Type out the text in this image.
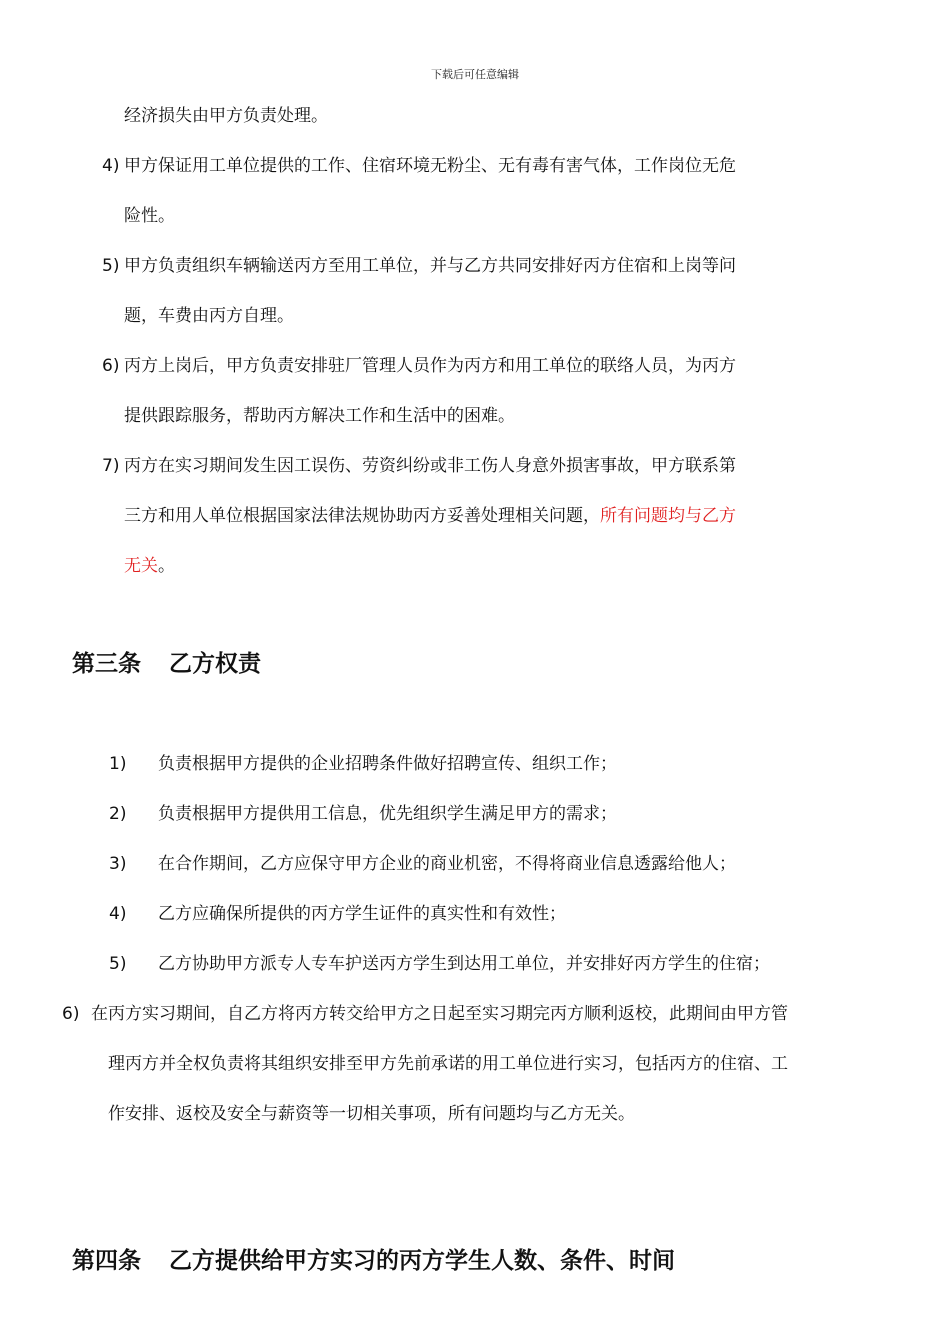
下载后可任意编辑
经济损失由甲方负责处理。
4) 甲方保证用工单位提供的工作、住宿环境无粉尘、无有毒有害气体，工作岗位无危
险性。
5) 甲方负责组织车辆输送丙方至用工单位，并与乙方共同安排好丙方住宿和上岗等问
题，车费由丙方自理。
6) 丙方上岗后，甲方负责安排驻厂管理人员作为丙方和用工单位的联络人员，为丙方
提供跟踪服务，帮助丙方解决工作和生活中的困难。
7) 丙方在实习期间发生因工误伤、劳资纠纷或非工伤人身意外损害事故，甲方联系第
三方和用人单位根据国家法律法规协助丙方妥善处理相关问题，所有问题均与乙方
无关。
第三条 乙方权责
1) 负责根据甲方提供的企业招聘条件做好招聘宣传、组织工作；
2) 负责根据甲方提供用工信息，优先组织学生满足甲方的需求；
3) 在合作期间，乙方应保守甲方企业的商业机密，不得将商业信息透露给他人；
4) 乙方应确保所提供的丙方学生证件的真实性和有效性；
5) 乙方协助甲方派专人专车护送丙方学生到达用工单位，并安排好丙方学生的住宿；
6) 在丙方实习期间，自乙方将丙方转交给甲方之日起至实习期完丙方顺利返校，此期间由甲方管
理丙方并全权负责将其组织安排至甲方先前承诺的用工单位进行实习，包括丙方的住宿、工
作安排、返校及安全与薪资等一切相关事项，所有问题均与乙方无关。
第四条 乙方提供给甲方实习的丙方学生人数、条件、时间
